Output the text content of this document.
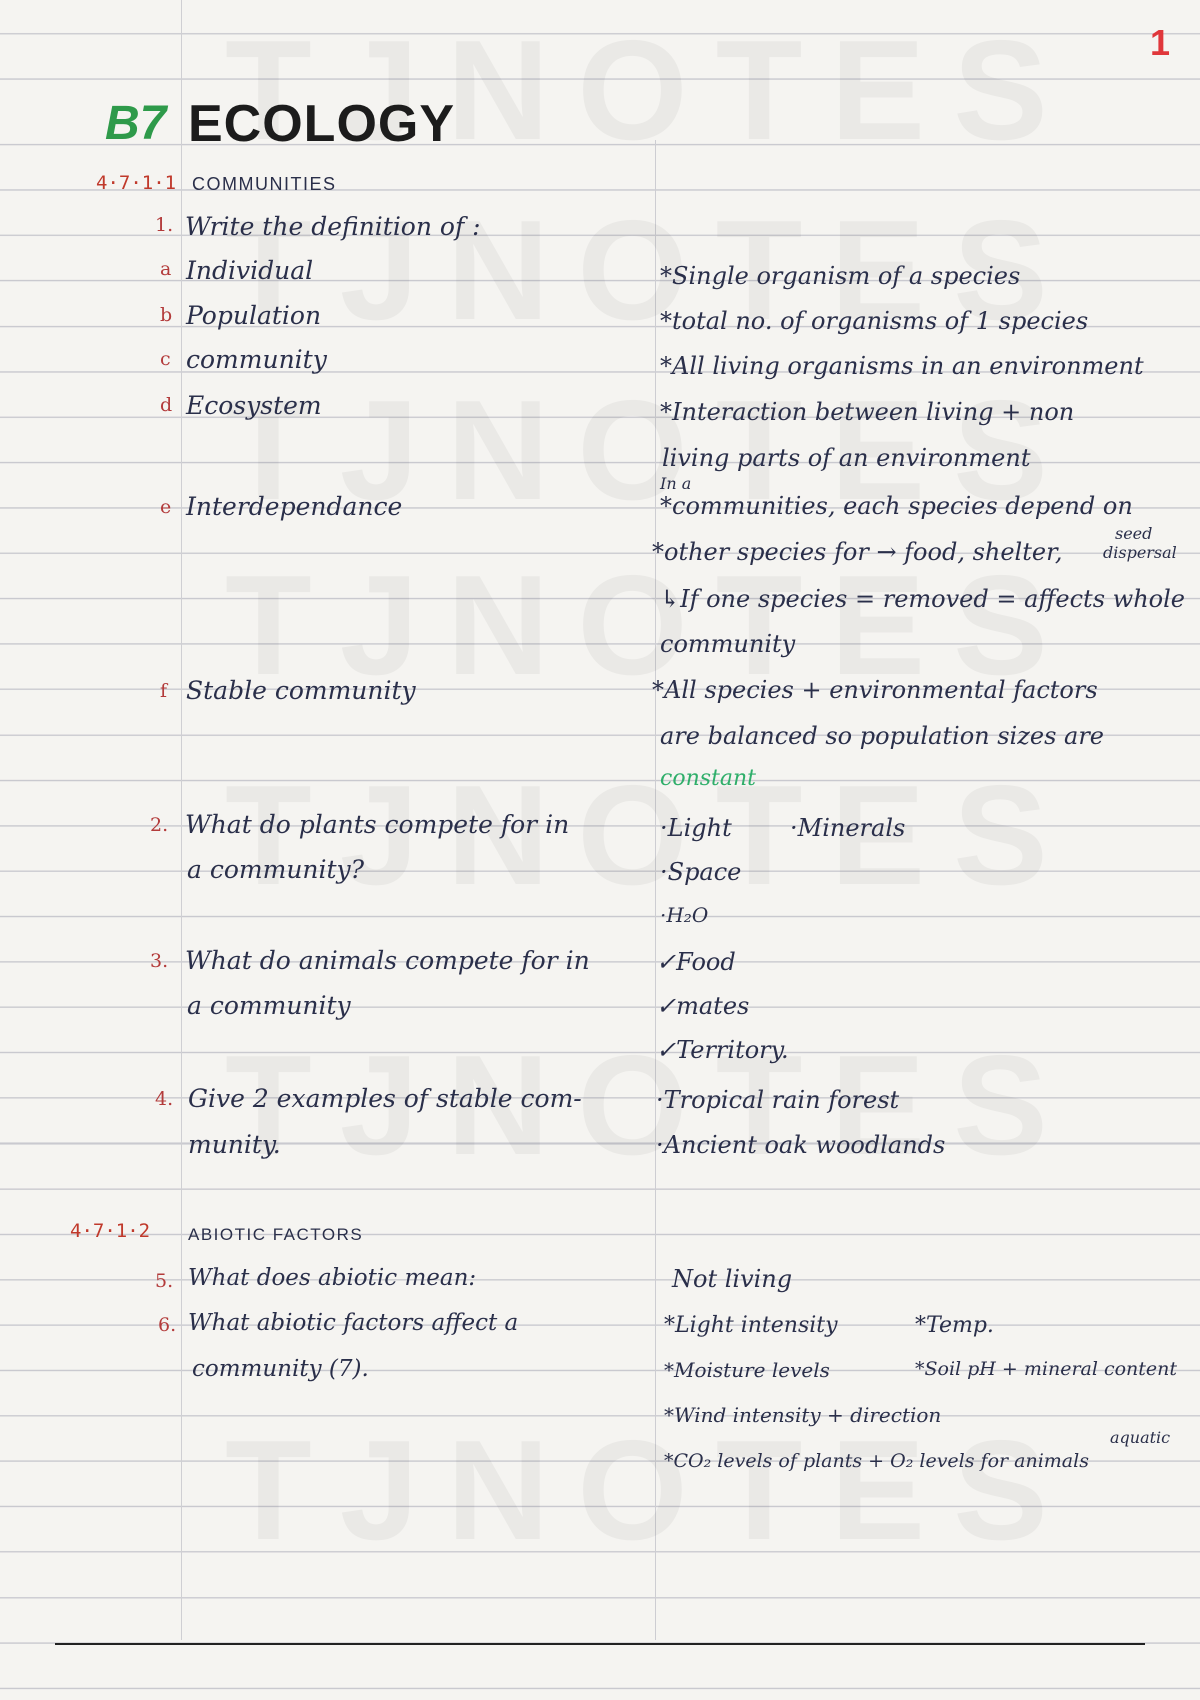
1
B7 ECOLOGY
4·7·1·1 COMMUNITIES
1. Write the definition of :
a Individual	*Single organism of a species
b Population	*total no. of organisms of 1 species
c community	*All living organisms in an environment
d Ecosystem	*Interaction between living + non
living parts of an environment
e Interdependance
In a
*communities, each species depend on
*other species for → food, shelter,
seed
dispersal
↳If one species = removed = affects whole
community
f Stable community	*All species + environmental factors
are balanced so population sizes are
constant
2. What do plants compete for in
a community?
·Light ·Minerals
·Space
·H₂O
3. What do animals compete for in
a community
✓Food
✓mates
✓Territory.
4. Give 2 examples of stable com-
munity.
·Tropical rain forest
·Ancient oak woodlands
4·7·1·2 ABIOTIC FACTORS
5. What does abiotic mean:	Not living
6. What abiotic factors affect a
community (7).
*Light intensity	*Temp.
*Moisture levels	*Soil pH + mineral content
*Wind intensity + direction
aquatic
*CO₂ levels of plants + O₂ levels for animals
